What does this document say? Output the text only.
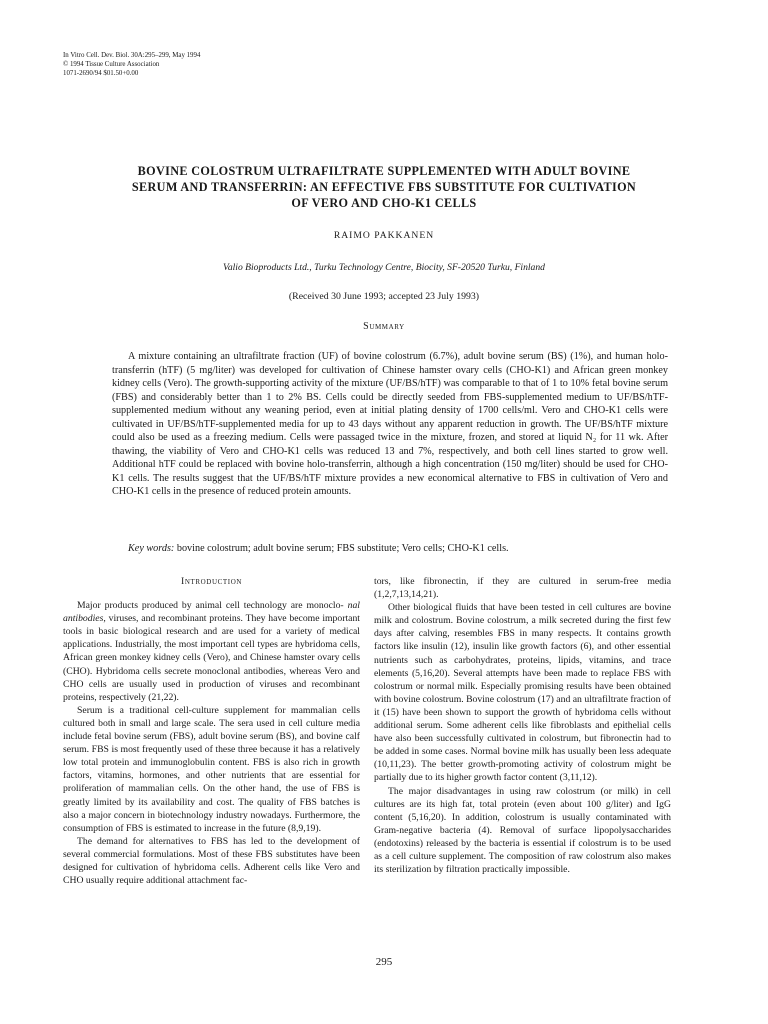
In Vitro Cell. Dev. Biol. 30A:295–299, May 1994
© 1994 Tissue Culture Association
1071-2690/94 $01.50+0.00
BOVINE COLOSTRUM ULTRAFILTRATE SUPPLEMENTED WITH ADULT BOVINE
SERUM AND TRANSFERRIN: AN EFFECTIVE FBS SUBSTITUTE FOR CULTIVATION
OF VERO AND CHO-K1 CELLS
RAIMO PAKKANEN
Valio Bioproducts Ltd., Turku Technology Centre, Biocity, SF-20520 Turku, Finland
(Received 30 June 1993; accepted 23 July 1993)
Summary

A mixture containing an ultrafiltrate fraction (UF) of bovine colostrum (6.7%), adult bovine serum (BS) (1%), and human holo-transferrin (hTF) (5 mg/liter) was developed for cultivation of Chinese hamster ovary cells (CHO-K1) and African green monkey kidney cells (Vero). The growth-supporting activity of the mixture (UF/BS/hTF) was comparable to that of 1 to 10% fetal bovine serum (FBS) and considerably better than 1 to 2% BS. Cells could be directly seeded from FBS-supplemented medium to UF/BS/hTF-supplemented medium without any weaning period, even at initial plating density of 1700 cells/ml. Vero and CHO-K1 cells were cultivated in UF/BS/hTF-supplemented media for up to 43 days without any apparent reduction in growth. The UF/BS/hTF mixture could also be used as a freezing medium. Cells were passaged twice in the mixture, frozen, and stored at liquid N₂ for 11 wk. After thawing, the viability of Vero and CHO-K1 cells was reduced 13 and 7%, respectively, and both cell lines started to grow well. Additional hTF could be replaced with bovine holo-transferrin, although a high concentration (150 mg/liter) should be used for CHO-K1 cells. The results suggest that the UF/BS/hTF mixture provides a new economical alternative to FBS in cultivation of Vero and CHO-K1 cells in the presence of reduced protein amounts.

Key words: bovine colostrum; adult bovine serum; FBS substitute; Vero cells; CHO-K1 cells.
Introduction

Major products produced by animal cell technology are monoclo- nal antibodies, viruses, and recombinant proteins. They have become important tools in basic biological research and are used for a variety of medical applications. Industrially, the most important cell types are hybridoma cells, African green monkey kidney cells (Vero), and Chinese hamster ovary cells (CHO). Hybridoma cells secrete monoclonal antibodies, whereas Vero and CHO cells are usually used in production of viruses and recombinant proteins, respectively (21,22).

Serum is a traditional cell-culture supplement for mammalian cells cultured both in small and large scale. The sera used in cell culture media include fetal bovine serum (FBS), adult bovine serum (BS), and bovine calf serum. FBS is most frequently used of these three because it has a relatively low total protein and immunoglobulin content. FBS is also rich in growth factors, vitamins, hormones, and other nutrients that are essential for proliferation of mammalian cells. On the other hand, the use of FBS is greatly limited by its availability and cost. The quality of FBS batches is also a major concern in biotechnology industry nowadays. Furthermore, the consumption of FBS is estimated to increase in the future (8,9,19).

The demand for alternatives to FBS has led to the development of several commercial formulations. Most of these FBS substitutes have been designed for cultivation of hybridoma cells. Adherent cells like Vero and CHO usually require additional attachment fac-

tors, like fibronectin, if they are cultured in serum-free media (1,2,7,13,14,21).

Other biological fluids that have been tested in cell cultures are bovine milk and colostrum. Bovine colostrum, a milk secreted during the first few days after calving, resembles FBS in many respects. It contains growth factors like insulin (12), insulin like growth factors (6), and other essential nutrients such as carbohydrates, proteins, lipids, vitamins, and trace elements (5,16,20). Several attempts have been made to replace FBS with colostrum or normal milk. Especially promising results have been obtained with bovine colostrum. Bovine colostrum (17) and an ultrafiltrate fraction of it (15) have been shown to support the growth of hybridoma cells without additional serum. Some adherent cells like fibroblasts and epithelial cells have also been successfully cultivated in colostrum, but fibronectin had to be added in some cases. Normal bovine milk has usually been less adequate (10,11,23). The better growth-promoting activity of colostrum might be partially due to its higher growth factor content (3,11,12).

The major disadvantages in using raw colostrum (or milk) in cell cultures are its high fat, total protein (even about 100 g/liter) and IgG content (5,16,20). In addition, colostrum is usually contaminated with Gram-negative bacteria (4). Removal of surface lipopolysaccharides (endotoxins) released by the bacteria is essential if colostrum is to be used as a cell culture supplement. The composition of raw colostrum also makes its sterilization by filtration practically impossible.

295
